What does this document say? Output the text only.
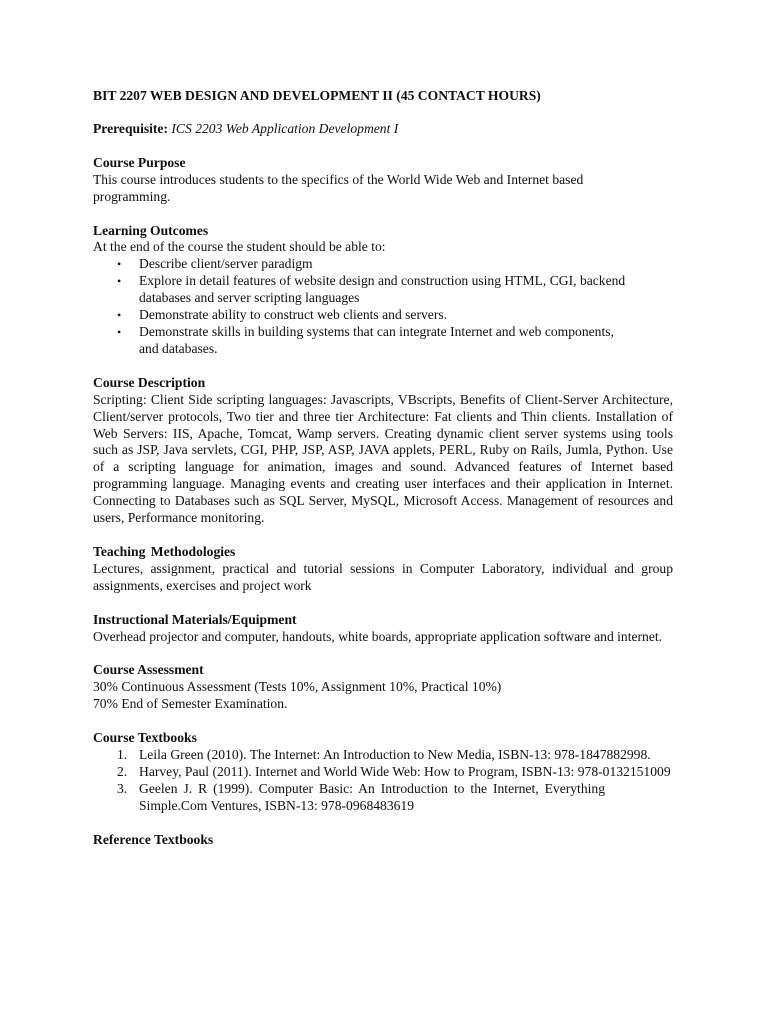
BIT 2207 WEB DESIGN AND DEVELOPMENT II (45 CONTACT HOURS)

Prerequisite: ICS 2203 Web Application Development I

Course Purpose

This course introduces students to the specifics of the World Wide Web and Internet based programming.

Learning Outcomes

At the end of the course the student should be able to:

• Describe client/server paradigm
• Explore in detail features of website design and construction using HTML, CGI, backend databases and server scripting languages
• Demonstrate ability to construct web clients and servers.
• Demonstrate skills in building systems that can integrate Internet and web components, and databases.

Course Description

Scripting: Client Side scripting languages: Javascripts, VBscripts, Benefits of Client-Server Architecture, Client/server protocols, Two tier and three tier Architecture: Fat clients and Thin clients. Installation of Web Servers: IIS, Apache, Tomcat, Wamp servers. Creating dynamic client server systems using tools such as JSP, Java servlets, CGI, PHP, JSP, ASP, JAVA applets, PERL, Ruby on Rails, Jumla, Python. Use of a scripting language for animation, images and sound. Advanced features of Internet based programming language. Managing events and creating user interfaces and their application in Internet. Connecting to Databases such as SQL Server, MySQL, Microsoft Access. Management of resources and users, Performance monitoring.

Teaching Methodologies

Lectures, assignment, practical and tutorial sessions in Computer Laboratory, individual and group assignments, exercises and project work

Instructional Materials/Equipment

Overhead projector and computer, handouts, white boards, appropriate application software and internet.

Course Assessment

30% Continuous Assessment (Tests 10%, Assignment 10%, Practical 10%)

70% End of Semester Examination.

Course Textbooks

1. Leila Green (2010). The Internet: An Introduction to New Media, ISBN-13: 978-1847882998.
2. Harvey, Paul (2011). Internet and World Wide Web: How to Program, ISBN-13: 978-0132151009
3. Geelen J. R (1999). Computer Basic: An Introduction to the Internet, Everything Simple.Com Ventures, ISBN-13: 978-0968483619

Reference Textbooks
